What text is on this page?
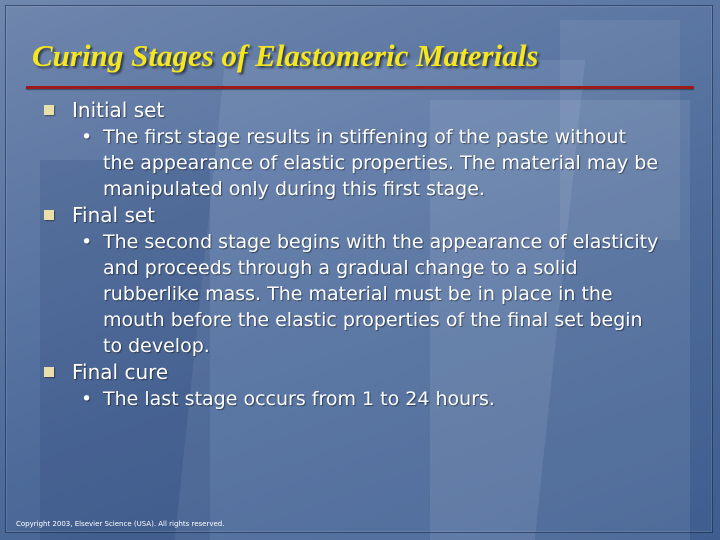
Curing Stages of Elastomeric Materials
Initial set
• The first stage results in stiffening of the paste without the appearance of elastic properties. The material may be manipulated only during this first stage.
Final set
• The second stage begins with the appearance of elasticity and proceeds through a gradual change to a solid rubberlike mass. The material must be in place in the mouth before the elastic properties of the final set begin to develop.
Final cure
• The last stage occurs from 1 to 24 hours.
Copyright 2003, Elsevier Science (USA). All rights reserved.
